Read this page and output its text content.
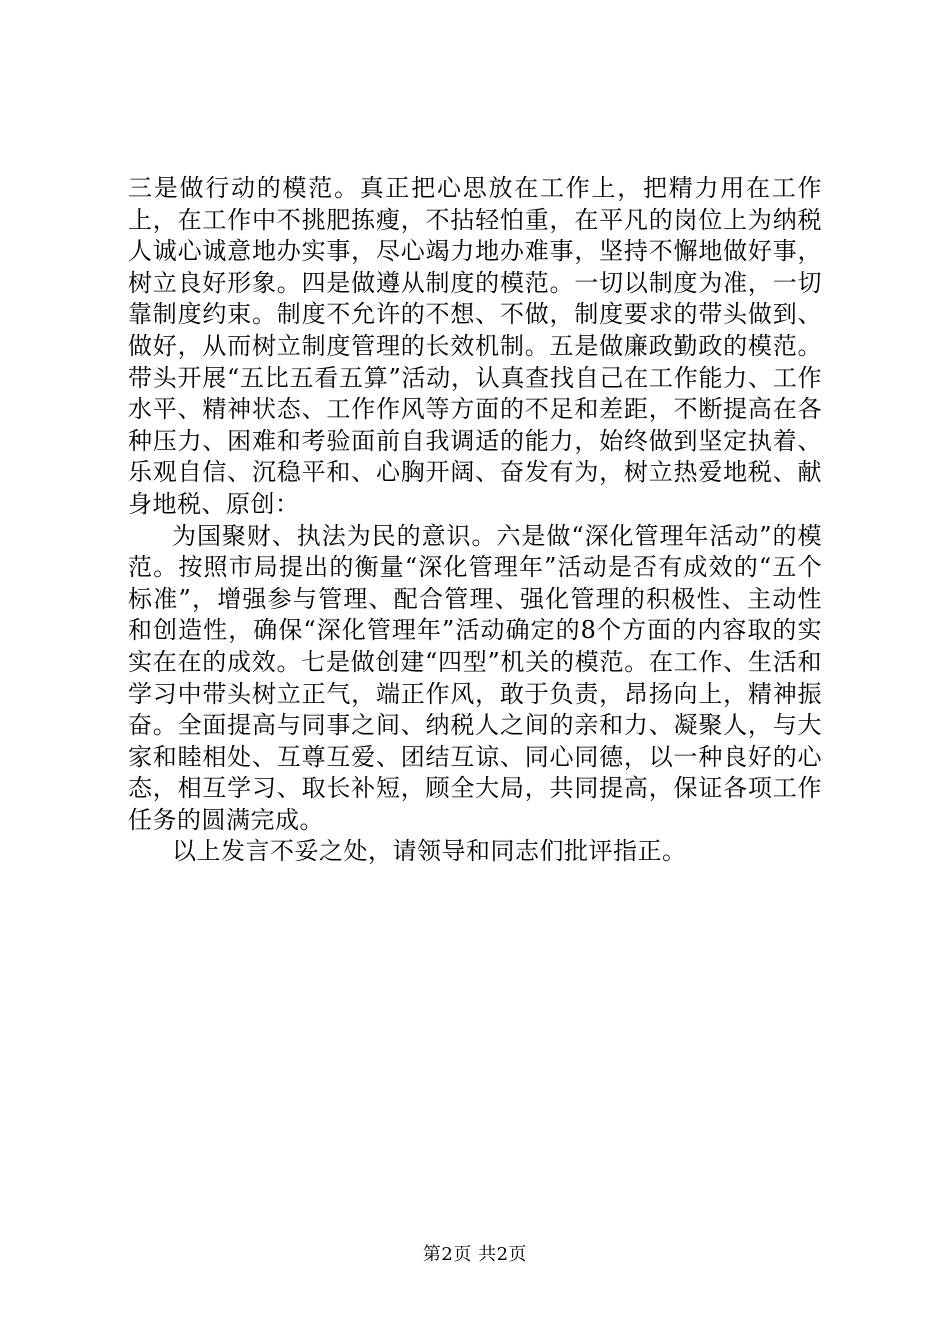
三是做行动的模范。真正把心思放在工作上，把精力用在工作上，在工作中不挑肥拣瘦，不拈轻怕重，在平凡的岗位上为纳税人诚心诚意地办实事，尽心竭力地办难事，坚持不懈地做好事，树立良好形象。四是做遵从制度的模范。一切以制度为准，一切靠制度约束。制度不允许的不想、不做，制度要求的带头做到、做好，从而树立制度管理的长效机制。五是做廉政勤政的模范。带头开展“五比五看五算”活动，认真查找自己在工作能力、工作水平、精神状态、工作作风等方面的不足和差距，不断提高在各种压力、困难和考验面前自我调适的能力，始终做到坚定执着、乐观自信、沉稳平和、心胸开阔、奋发有为，树立热爱地税、献身地税、原创：

为国聚财、执法为民的意识。六是做“深化管理年活动”的模范。按照市局提出的衡量“深化管理年”活动是否有成效的“五个标准”，增强参与管理、配合管理、强化管理的积极性、主动性和创造性，确保“深化管理年”活动确定的8个方面的内容取的实实在在的成效。七是做创建“四型”机关的模范。在工作、生活和学习中带头树立正气，端正作风，敢于负责，昂扬向上，精神振奋。全面提高与同事之间、纳税人之间的亲和力、凝聚人，与大家和睦相处、互尊互爱、团结互谅、同心同德，以一种良好的心态，相互学习、取长补短，顾全大局，共同提高，保证各项工作任务的圆满完成。

以上发言不妥之处，请领导和同志们批评指正。

第2页 共2页
